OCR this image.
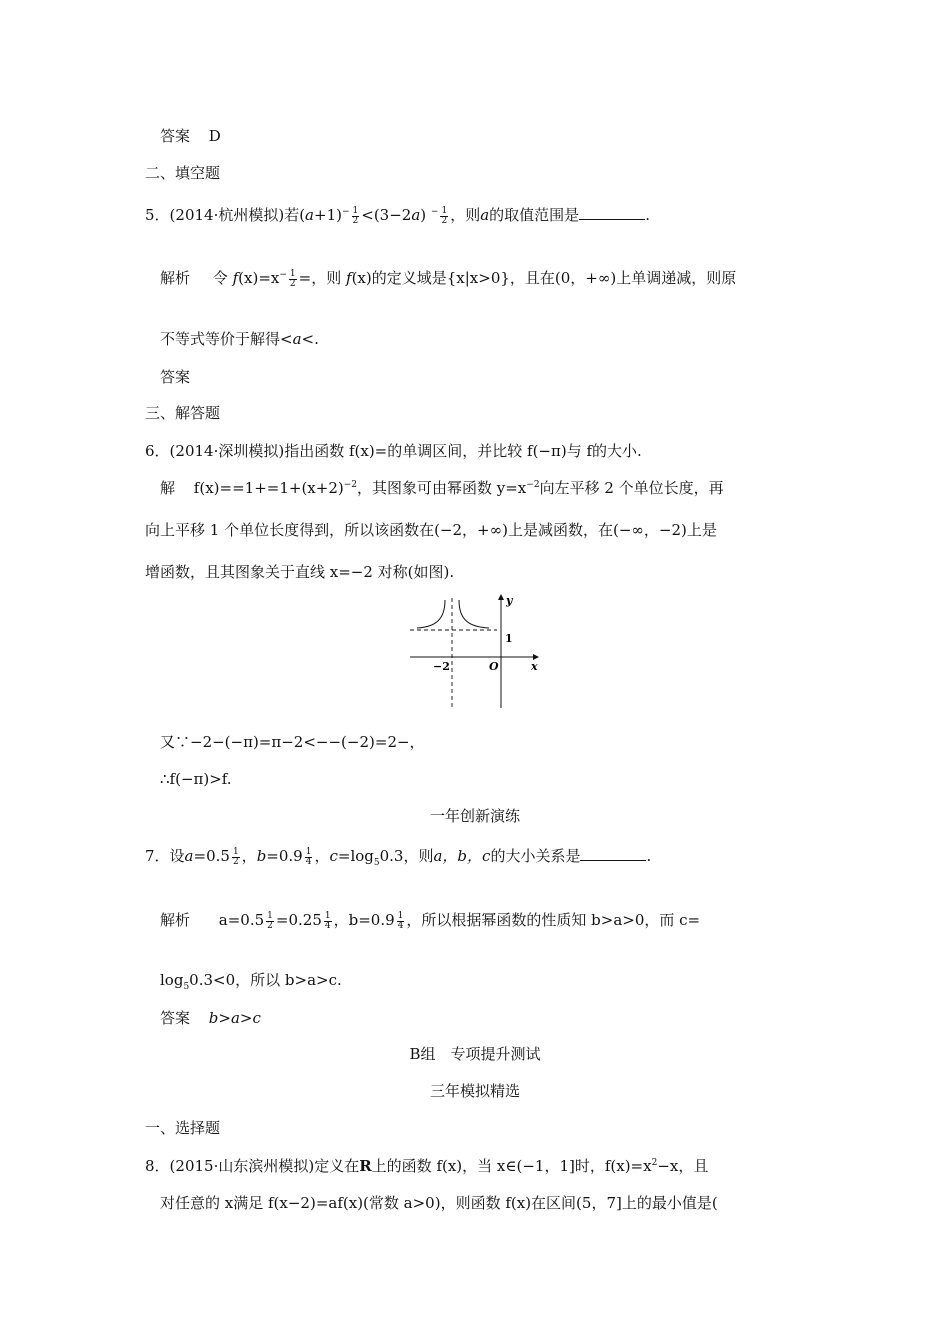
答案 D
二、填空题
5．(2014·杭州模拟)若$(a+1)^- \frac{1}{2} <(3-2a)$ $^- \frac{1}{2}$ ，则a的取值范围是	.
解析 令 $f(x)=x^- \frac{1}{2}$ =，则 f(x)的定义域是{x|x>0}，且在(0，+∞)上单调递减，则原
不等式等价于解得<a<.
答案
三、解答题
6．(2014·深圳模拟)指出函数 f(x)=的单调区间，并比较 f(−π)与 f的大小.
解 $f(x)==1+=1+(x+2)^{-2}$，其图象可由幂函数 $y=x^{-2}$向左平移 2 个单位长度，再
向上平移 1 个单位长度得到，所以该函数在(−2，+∞)上是减函数，在(−∞，−2)上是
增函数，且其图象关于直线 x=−2 对称(如图).
y
1
−2	O	x
又∵−2−(−π)=π−2<−−(−2)=2−，
∴f(−π)>f.
一年创新演练
7．设$a=0.5 \frac{1}{2}$ ，$b=0.9 \frac{1}{4}$ ，$c=\log_50.3$，则a，b，c的大小关系是	.
解析 $a=0.5 \frac{1}{2} =0.25 \frac{1}{4}$ ，$b=0.9 \frac{1}{4}$ ，所以根据幂函数的性质知 b>a>0，而 c=
$\log_50.3<0$，所以 b>a>c.
答案 b>a>c
B组　专项提升测试
三年模拟精选
一、选择题
8．(2015·山东滨州模拟)定义在R上的函数 f(x)，当 x∈(−1，1]时，$f(x)=x^2-x$，且
对任意的 x满足 f(x−2)=af(x)(常数 a>0)，则函数 f(x)在区间(5，7]上的最小值是(
